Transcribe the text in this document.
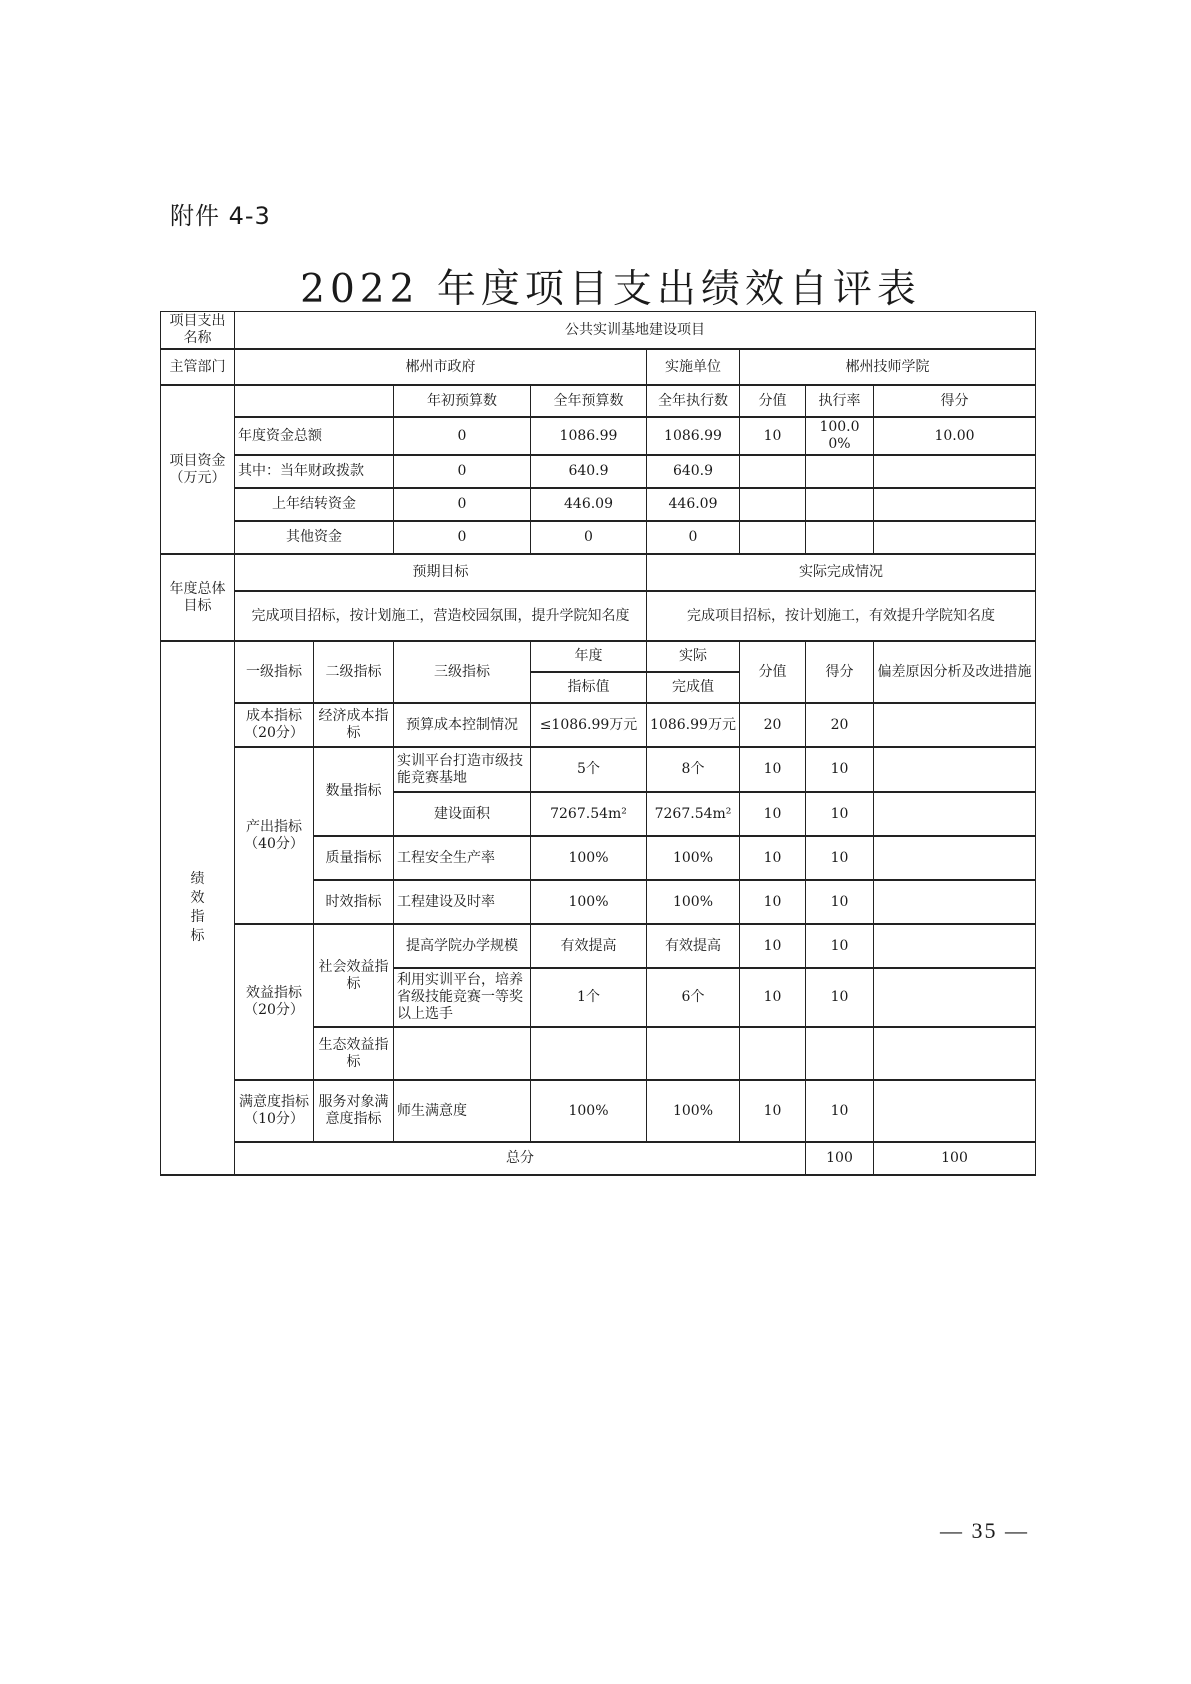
附件 4-3
2022 年度项目支出绩效自评表
项目支出名称	公共实训基地建设项目								
主管部门	郴州市政府				实施单位	郴州技师学院			
项目资金（万元）			年初预算数	全年预算数	全年执行数	分值	执行率	得分	
	年度资金总额		0	1086.99	1086.99	10	100.00%	10.00	
	其中：当年财政拨款		0	640.9	640.9				
	上年结转资金		0	446.09	446.09				
	其他资金		0	0	0				
年度总体目标	预期目标				实际完成情况				
	完成项目招标，按计划施工，营造校园氛围，提升学院知名度				完成项目招标，按计划施工，有效提升学院知名度				

绩效指标	一级指标	二级指标	三级指标	年度	实际	分值	得分	偏差原因分析及改进措施	
				指标值	完成值				
	成本指标（20分）	经济成本指标	预算成本控制情况	≤1086.99万元	1086.99万元	20	20		
	产出指标（40分）	数量指标	实训平台打造市级技能竞赛基地	5个	8个	10	10		
			建设面积	7267.54m²	7267.54m²	10	10		
		质量指标	工程安全生产率	100%	100%	10	10		
		时效指标	工程建设及时率	100%	100%	10	10		
	效益指标（20分）	社会效益指标	提高学院办学规模	有效提高	有效提高	10	10		
			利用实训平台，培养省级技能竞赛一等奖以上选手	1个	6个	10	10		
		生态效益指标							
	满意度指标（10分）	服务对象满意度指标	师生满意度	100%	100%	10	10		
	总分						100	100	
— 35 —
